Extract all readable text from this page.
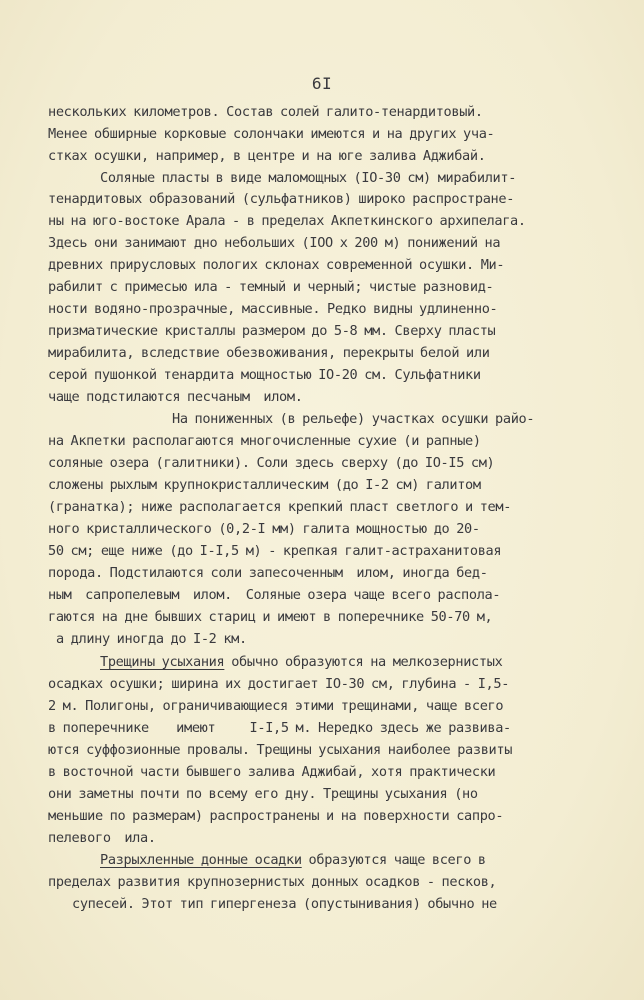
6I
нескольких километров. Состав солей галито-тенардитовый.
Менее обширные корковые солончаки имеются и на других уча-
стках осушки, например, в центре и на юге залива Аджибай.
Соляные пласты в виде маломощных (IO-30 см) мирабилит-
тенардитовых образований (сульфатников) широко распростране-
ны на юго-востоке Арала - в пределах Акпеткинского архипелага.
Здесь они занимают дно небольших (IOO x 200 м) понижений на
древних прирусловых пологих склонах современной осушки. Ми-
рабилит с примесью ила - темный и черный; чистые разновид-
ности водяно-прозрачные, массивные. Редко видны удлиненно-
призматические кристаллы размером до 5-8 мм. Сверху пласты
мирабилита, вследствие обезвоживания, перекрыты белой или
серой пушонкой тенардита мощностью IO-20 см. Сульфатники
чаще подстилаются песчаным  илом.
На пониженных (в рельефе) участках осушки райо-
на Акпетки располагаются многочисленные сухие (и рапные)
соляные озера (галитники). Соли здесь сверху (до IO-I5 см)
сложены рыхлым крупнокристаллическим (до I-2 см) галитом
(гранатка); ниже располагается крепкий пласт светлого и тем-
ного кристаллического (0,2-I мм) галита мощностью до 20-
50 см; еще ниже (до I-I,5 м) - крепкая галит-астраханитовая
порода. Подстилаются соли запесоченным  илом, иногда бед-
ным  сапропелевым  илом.  Соляные озера чаще всего распола-
гаются на дне бывших стариц и имеют в поперечнике 50-70 м,
а длину иногда до I-2 км.
Трещины усыхания обычно образуются на мелкозернистых
осадках осушки; ширина их достигает IO-30 см, глубина - I,5-
2 м. Полигоны, ограничивающиеся этими трещинами, чаще всего
в поперечнике    имеют     I-I,5 м. Нередко здесь же развива-
ются суффозионные провалы. Трещины усыхания наиболее развиты
в восточной части бывшего залива Аджибай, хотя практически
они заметны почти по всему его дну. Трещины усыхания (но
меньшие по размерам) распространены и на поверхности сапро-
пелевого  ила.
Разрыхленные донные осадки образуются чаще всего в
пределах развития крупнозернистых донных осадков - песков,
супесей. Этот тип гипергенеза (опустынивания) обычно не
